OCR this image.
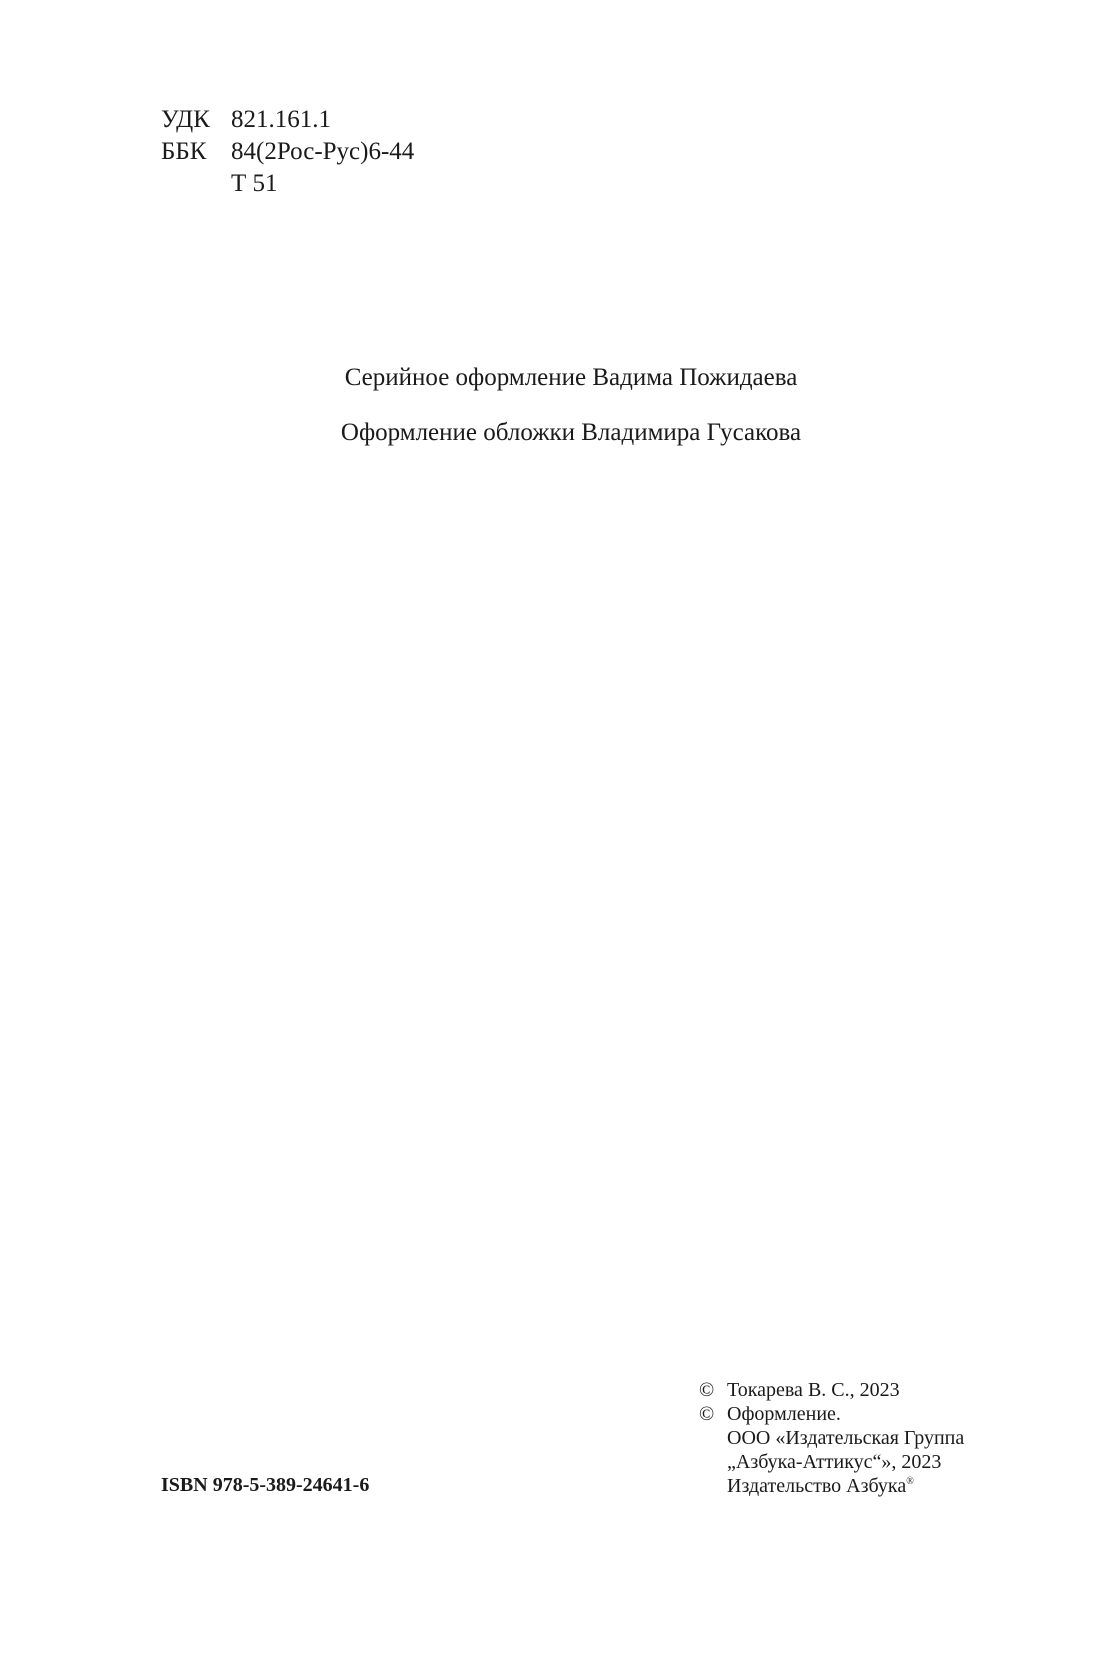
УДК 821.161.1
ББК 84(2Рос-Рус)6-44
Т 51
Серийное оформление Вадима Пожидаева
Оформление обложки Владимира Гусакова
ISBN 978-5-389-24641-6
© Токарева В. С., 2023
© Оформление.
ООО «Издательская Группа
„Азбука-Аттикус“», 2023
Издательство Азбука®
